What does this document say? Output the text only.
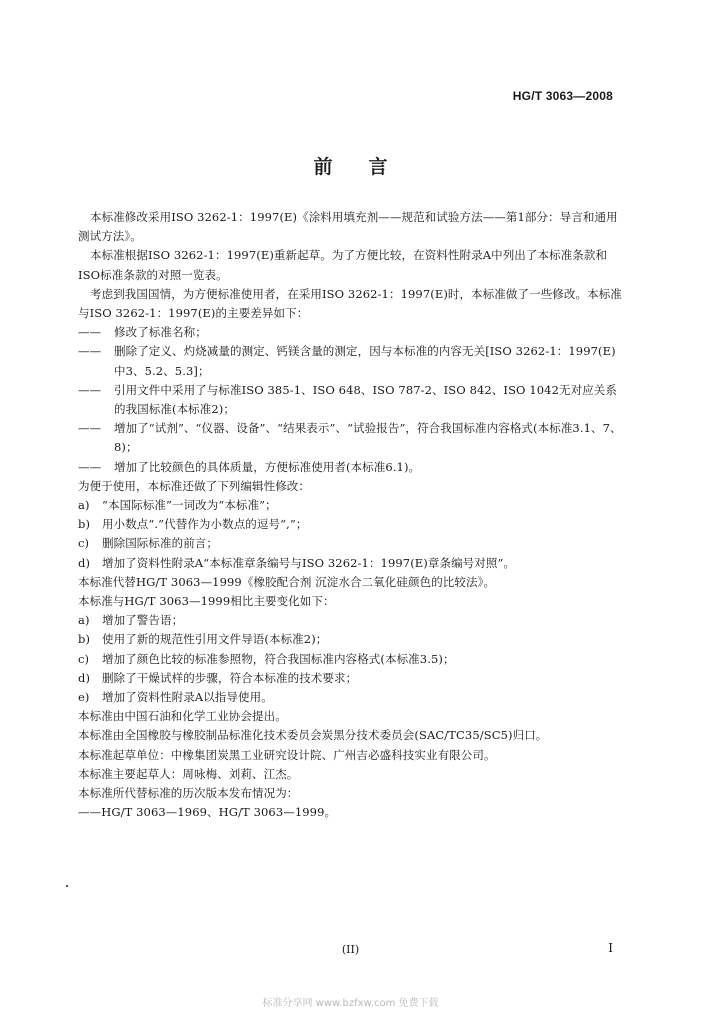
HG/T 3063—2008
前言

本标准修改采用ISO 3262-1：1997(E)《涂料用填充剂——规范和试验方法——第1部分：导言和通用测试方法》。

本标准根据ISO 3262-1：1997(E)重新起草。为了方便比较，在资料性附录A中列出了本标准条款和ISO标准条款的对照一览表。

考虑到我国国情，为方便标准使用者，在采用ISO 3262-1：1997(E)时，本标准做了一些修改。本标准与ISO 3262-1：1997(E)的主要差异如下：

——	修改了标准名称；
——	删除了定义、灼烧减量的测定、钙镁含量的测定，因与本标准的内容无关[ISO 3262-1：1997(E)中3、5.2、5.3]；
——	引用文件中采用了与标准ISO 385-1、ISO 648、ISO 787-2、ISO 842、ISO 1042无对应关系的我国标准(本标准2)；
——	增加了“试剂”、“仪器、设备”、“结果表示”、“试验报告”，符合我国标准内容格式(本标准3.1、7、8)；
——	增加了比较颜色的具体质量，方便标准使用者(本标准6.1)。

为便于使用，本标准还做了下列编辑性修改：

a)	“本国际标准”一词改为“本标准”；
b)	用小数点“.”代替作为小数点的逗号“,”；
c)	删除国际标准的前言；
d)	增加了资料性附录A“本标准章条编号与ISO 3262-1：1997(E)章条编号对照”。

本标准代替HG/T 3063—1999《橡胶配合剂 沉淀水合二氧化硅颜色的比较法》。

本标准与HG/T 3063—1999相比主要变化如下：

a)	增加了警告语；
b)	使用了新的规范性引用文件导语(本标准2)；
c)	增加了颜色比较的标准参照物，符合我国标准内容格式(本标准3.5)；
d)	删除了干燥试样的步骤，符合本标准的技术要求；
e)	增加了资料性附录A以指导使用。

本标准由中国石油和化学工业协会提出。

本标准由全国橡胶与橡胶制品标准化技术委员会炭黑分技术委员会(SAC/TC35/SC5)归口。

本标准起草单位：中橡集团炭黑工业研究设计院、广州吉必盛科技实业有限公司。

本标准主要起草人：周咏梅、刘莉、江杰。

本标准所代替标准的历次版本发布情况为：

——HG/T 3063—1969、HG/T 3063—1999。

(II)	I
标准分享网 www.bzfxw.com 免费下载
